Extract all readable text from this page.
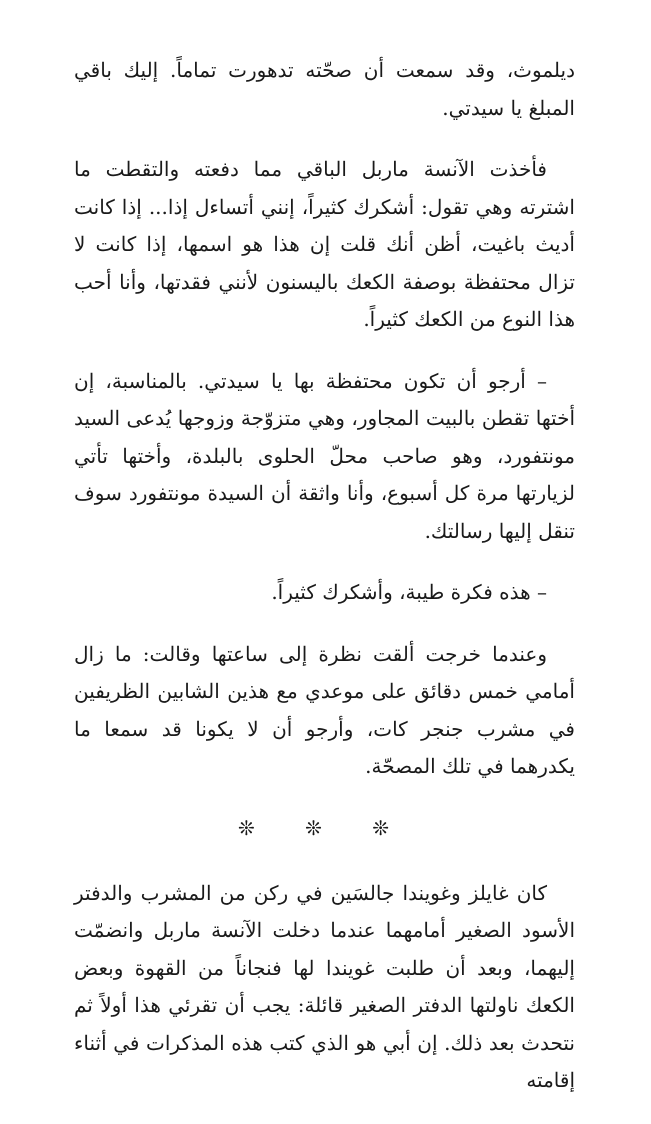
ديلموث، وقد سمعت أن صحّته تدهورت تماماً. إليك باقي المبلغ يا سيدتي.

فأخذت الآنسة ماربل الباقي مما دفعته والتقطت ما اشترته وهي تقول: أشكرك كثيراً، إنني أتساءل إذا... إذا كانت أديث باغيت، أظن أنك قلت إن هذا هو اسمها، إذا كانت لا تزال محتفظة بوصفة الكعك باليسنون لأنني فقدتها، وأنا أحب هذا النوع من الكعك كثيراً.

– أرجو أن تكون محتفظة بها يا سيدتي. بالمناسبة، إن أختها تقطن بالبيت المجاور، وهي متزوّجة وزوجها يُدعى السيد مونتفورد، وهو صاحب محلّ الحلوى بالبلدة، وأختها تأتي لزيارتها مرة كل أسبوع، وأنا واثقة أن السيدة مونتفورد سوف تنقل إليها رسالتك.

– هذه فكرة طيبة، وأشكرك كثيراً.

وعندما خرجت ألقت نظرة إلى ساعتها وقالت: ما زال أمامي خمس دقائق على موعدي مع هذين الشابين الظريفين في مشرب جنجر كات، وأرجو أن لا يكونا قد سمعا ما يكدرهما في تلك المصحّة.

❊ ❊ ❊

كان غايلز وغويندا جالسَين في ركن من المشرب والدفتر الأسود الصغير أمامهما عندما دخلت الآنسة ماربل وانضمّت إليهما، وبعد أن طلبت غويندا لها فنجاناً من القهوة وبعض الكعك ناولتها الدفتر الصغير قائلة: يجب أن تقرئي هذا أولاً ثم نتحدث بعد ذلك. إن أبي هو الذي كتب هذه المذكرات في أثناء إقامته
